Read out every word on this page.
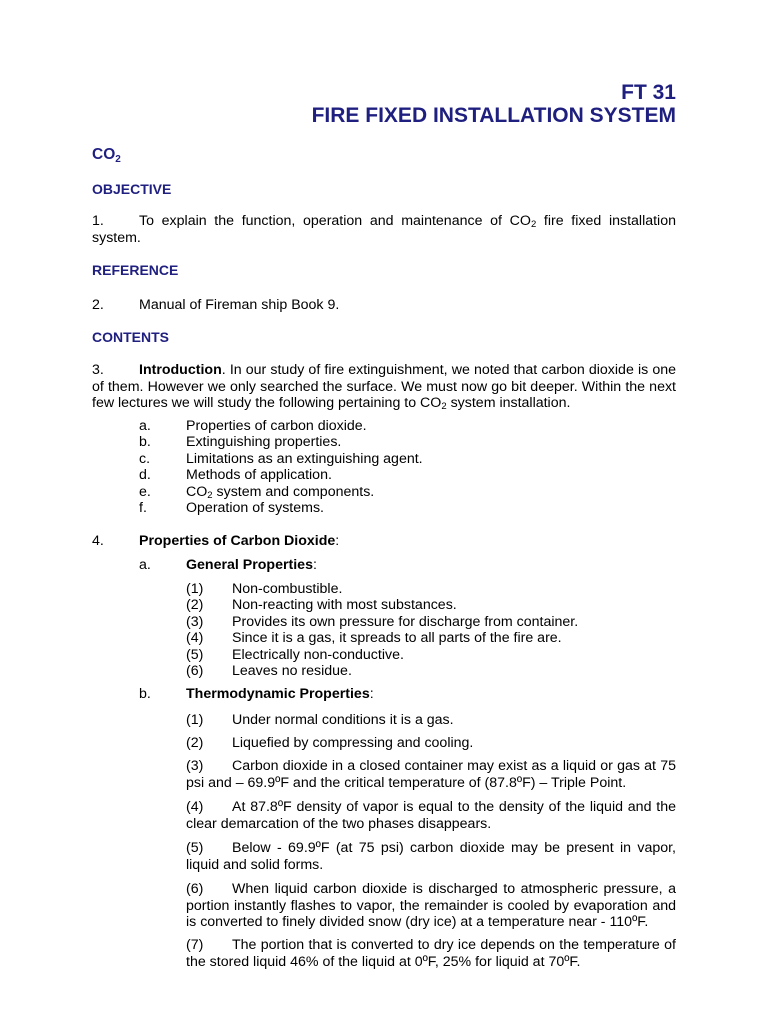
FT 31
FIRE FIXED INSTALLATION SYSTEM
$CO_2$
OBJECTIVE
1. To explain the function, operation and maintenance of $CO_2$ fire fixed installation system.
REFERENCE
2. Manual of Fireman ship Book 9.
CONTENTS
3. Introduction. In our study of fire extinguishment, we noted that carbon dioxide is one of them. However we only searched the surface. We must now go bit deeper. Within the next few lectures we will study the following pertaining to $CO_2$ system installation.
a. Properties of carbon dioxide.
b. Extinguishing properties.
c.	Limitations as an extinguishing agent.
d. Methods of application.
e. $CO_2$ system and components.
f.	Operation of systems.
4. Properties of Carbon Dioxide:
a. General Properties:
(1) Non-combustible.
(2) Non-reacting with most substances.
(3) Provides its own pressure for discharge from container.
(4) Since it is a gas, it spreads to all parts of the fire are.
(5) Electrically non-conductive.
(6) Leaves no residue.
b. Thermodynamic Properties:
(1) Under normal conditions it is a gas.
(2) Liquefied by compressing and cooling.
(3) Carbon dioxide in a closed container may exist as a liquid or gas at 75 psi and – 69.9ºF and the critical temperature of (87.8ºF) – Triple Point.
(4) At 87.8ºF density of vapor is equal to the density of the liquid and the clear demarcation of the two phases disappears.
(5) Below - 69.9ºF (at 75 psi) carbon dioxide may be present in vapor, liquid and solid forms.
(6) When liquid carbon dioxide is discharged to atmospheric pressure, a portion instantly flashes to vapor, the remainder is cooled by evaporation and is converted to finely divided snow (dry ice) at a temperature near - 110ºF.
(7) The portion that is converted to dry ice depends on the temperature of the stored liquid 46% of the liquid at 0ºF, 25% for liquid at 70ºF.
